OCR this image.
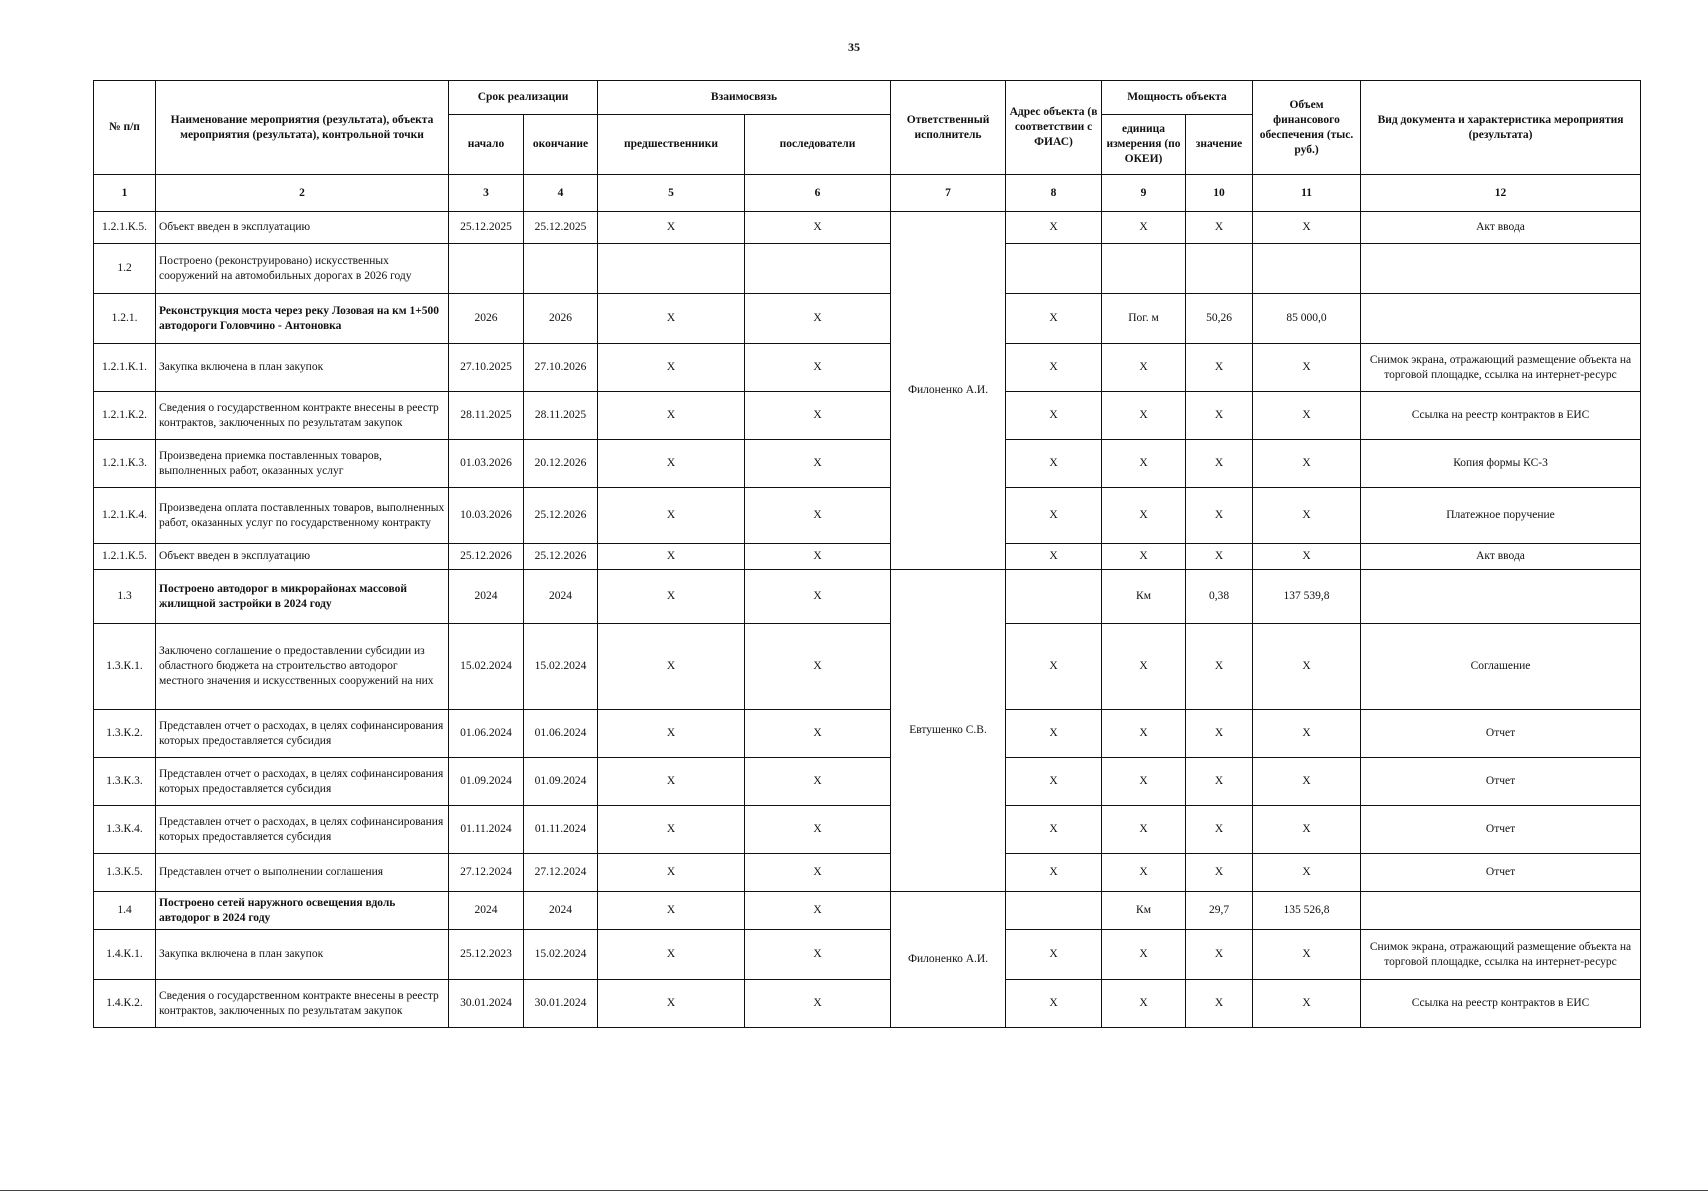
35
№ п/п	Наименование мероприятия (результата), объекта мероприятия (результата), контрольной точки	Срок реализации		Взаимосвязь		Ответственный исполнитель	Адрес объекта (в соответствии с ФИАС)	Мощность объекта		Объем финансового обеспечения (тыс. руб.)	Вид документа и характеристика мероприятия (результата)
		начало	окончание	предшественники	последователи			единица измерения (по ОКЕИ)	значение		
1	2	3	4	5	6	7	8	9	10	11	12
1.2.1.К.5.	Объект введен в эксплуатацию	25.12.2025	25.12.2025	Х	Х	Филоненко А.И.	Х	Х	Х	Х	Акт ввода
1.2	Построено (реконструировано) искусственных сооружений на автомобильных дорогах в 2026 году										
1.2.1.	Реконструкция моста через реку Лозовая на км 1+500 автодороги Головчино - Антоновка	2026	2026	Х	Х		Х	Пог. м	50,26	85 000,0	
1.2.1.К.1.	Закупка включена в план закупок	27.10.2025	27.10.2026	Х	Х		Х	Х	Х	Х	Снимок экрана, отражающий размещение объекта на торговой площадке, ссылка на интернет-ресурс
1.2.1.К.2.	Сведения о государственном контракте внесены в реестр контрактов, заключенных по результатам закупок	28.11.2025	28.11.2025	Х	Х		Х	Х	Х	Х	Ссылка на реестр контрактов в ЕИС
1.2.1.К.3.	Произведена приемка поставленных товаров, выполненных работ, оказанных услуг	01.03.2026	20.12.2026	Х	Х		Х	Х	Х	Х	Копия формы КС-3
1.2.1.К.4.	Произведена оплата поставленных товаров, выполненных работ, оказанных услуг по государственному контракту	10.03.2026	25.12.2026	Х	Х		Х	Х	Х	Х	Платежное поручение
1.2.1.К.5.	Объект введен в эксплуатацию	25.12.2026	25.12.2026	Х	Х		Х	Х	Х	Х	Акт ввода
1.3	Построено автодорог в микрорайонах массовой жилищной застройки в 2024 году	2024	2024	Х	Х	Евтушенко С.В.		Км	0,38	137 539,8	
1.3.К.1.	Заключено соглашение о предоставлении субсидии из областного бюджета на строительство автодорог местного значения и искусственных сооружений на них	15.02.2024	15.02.2024	Х	Х		Х	Х	Х	Х	Соглашение
1.3.К.2.	Представлен отчет о расходах, в целях софинансирования которых предоставляется субсидия	01.06.2024	01.06.2024	Х	Х		Х	Х	Х	Х	Отчет
1.3.К.3.	Представлен отчет о расходах, в целях софинансирования которых предоставляется субсидия	01.09.2024	01.09.2024	Х	Х		Х	Х	Х	Х	Отчет
1.3.К.4.	Представлен отчет о расходах, в целях софинансирования которых предоставляется субсидия	01.11.2024	01.11.2024	Х	Х		Х	Х	Х	Х	Отчет
1.3.К.5.	Представлен отчет о выполнении соглашения	27.12.2024	27.12.2024	Х	Х		Х	Х	Х	Х	Отчет
1.4	Построено сетей наружного освещения вдоль автодорог в 2024 году	2024	2024	Х	Х	Филоненко А.И.		Км	29,7	135 526,8	
1.4.К.1.	Закупка включена в план закупок	25.12.2023	15.02.2024	Х	Х		Х	Х	Х	Х	Снимок экрана, отражающий размещение объекта на торговой площадке, ссылка на интернет-ресурс
1.4.К.2.	Сведения о государственном контракте внесены в реестр контрактов, заключенных по результатам закупок	30.01.2024	30.01.2024	Х	Х		Х	Х	Х	Х	Ссылка на реестр контрактов в ЕИС
